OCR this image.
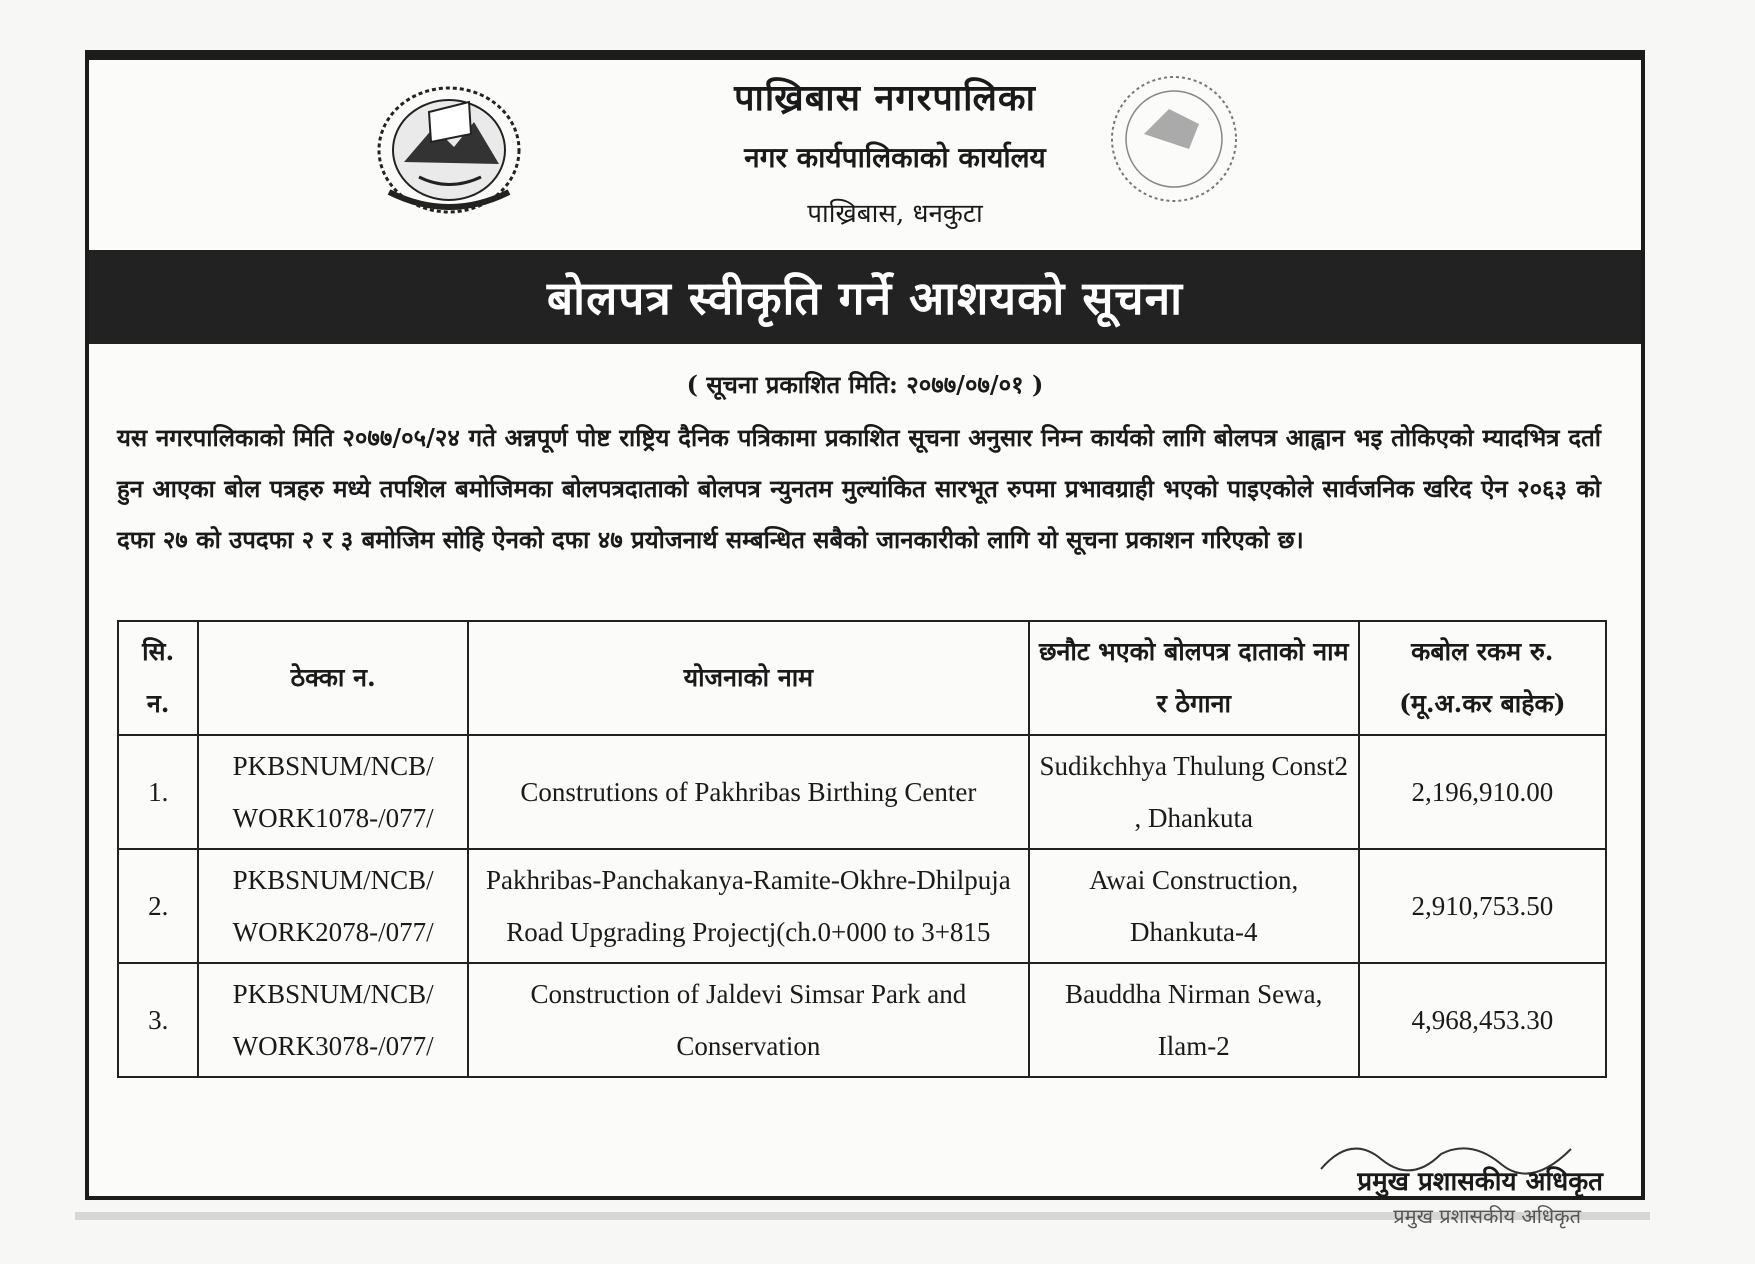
पाख्रिबास नगरपालिका
नगर कार्यपालिकाको कार्यालय
पाख्रिबास, धनकुटा
बोलपत्र स्वीकृति गर्ने आशयको सूचना
( सूचना प्रकाशित मिति: २०७७/०७/०१ )
यस नगरपालिकाको मिति २०७७/०५/२४ गते अन्नपूर्ण पोष्ट राष्ट्रिय दैनिक पत्रिकामा प्रकाशित सूचना अनुसार निम्न कार्यको लागि बोलपत्र आह्वान भइ तोकिएको म्यादभित्र दर्ता हुन आएका बोल पत्रहरु मध्ये तपशिल बमोजिमका बोलपत्रदाताको बोलपत्र न्युनतम मुल्यांकित सारभूत रुपमा प्रभावग्राही भएको पाइएकोले सार्वजनिक खरिद ऐन २०६३ को दफा २७ को उपदफा २ र ३ बमोजिम सोहि ऐनको दफा ४७ प्रयोजनार्थ सम्बन्धित सबैको जानकारीको लागि यो सूचना प्रकाशन गरिएको छ।
सि. न.	ठेक्का न.	योजनाको नाम	छनौट भएको बोलपत्र दाताको नाम र ठेगाना	कबोल रकम रु. (मू.अ.कर बाहेक)
1.	PKBSNUM/NCB/ WORK1078-/077/	Construtions of Pakhribas Birthing Center	Sudikchhya Thulung Const2 , Dhankuta	2,196,910.00
2.	PKBSNUM/NCB/ WORK2078-/077/	Pakhribas-Panchakanya-Ramite-Okhre-Dhilpuja Road Upgrading Projectj(ch.0+000 to 3+815	Awai Construction, Dhankuta-4	2,910,753.50
3.	PKBSNUM/NCB/ WORK3078-/077/	Construction of Jaldevi Simsar Park and Conservation	Bauddha Nirman Sewa, Ilam-2	4,968,453.30
प्रमुख प्रशासकीय अधिकृत
प्रमुख प्रशासकीय अधिकृत
